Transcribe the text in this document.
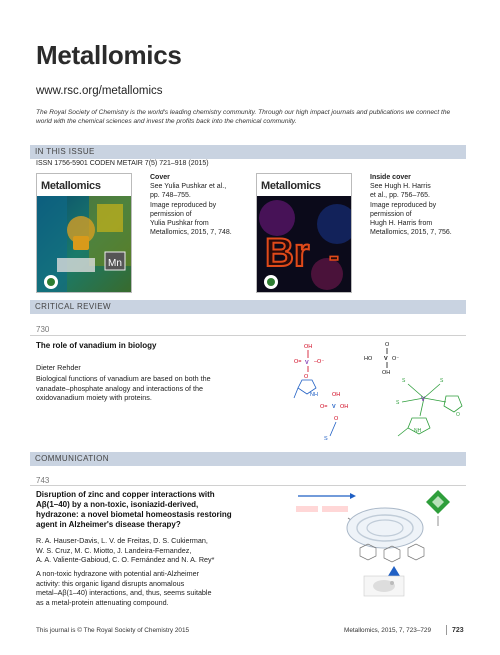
Metallomics
www.rsc.org/metallomics
The Royal Society of Chemistry is the world's leading chemistry community. Through our high impact journals and publications we connect the world with the chemical sciences and invest the profits back into the chemical community.
IN THIS ISSUE
ISSN 1756-5901 CODEN METAIR 7(5) 721–918 (2015)
Mn
Metallomics
Cover
See Yulia Pushkar et al.,
pp. 748–755.
Image reproduced by
permission of
Yulia Pushkar from
Metallomics, 2015, 7, 748. Br -
Metallomics
Inside cover
See Hugh H. Harris
et al., pp. 756–765.
Image reproduced by
permission of
Hugh H. Harris from
Metallomics, 2015, 7, 756.
CRITICAL REVIEW
730
The role of vanadium in biology
Dieter Rehder
Biological functions of vanadium are based on both the
vanadate–phosphate analogy and interactions of the
oxidovanadium moiety with proteins.
OH
O= V –O⁻
O
NH
O
HO V O⁻
OH
OH
O= V OH
O
S
V
S	S
S
NH
O
COMMUNICATION
743
Disruption of zinc and copper interactions with
Aβ(1–40) by a non-toxic, isoniazid-derived,
hydrazone: a novel biometal homeostasis restoring
agent in Alzheimer's disease therapy?
R. A. Hauser-Davis, L. V. de Freitas, D. S. Cukierman,
W. S. Cruz, M. C. Miotto, J. Landeira-Fernandez,
A. A. Valiente-Gabioud, C. O. Fernández and N. A. Rey*
A non-toxic hydrazone with potential anti-Alzheimer
activity: this organic ligand disrupts anomalous
metal–Aβ(1–40) interactions, and, thus, seems suitable
as a metal-protein attenuating compound.
This journal is © The Royal Society of Chemistry 2015	Metallomics, 2015, 7, 723–729	723
